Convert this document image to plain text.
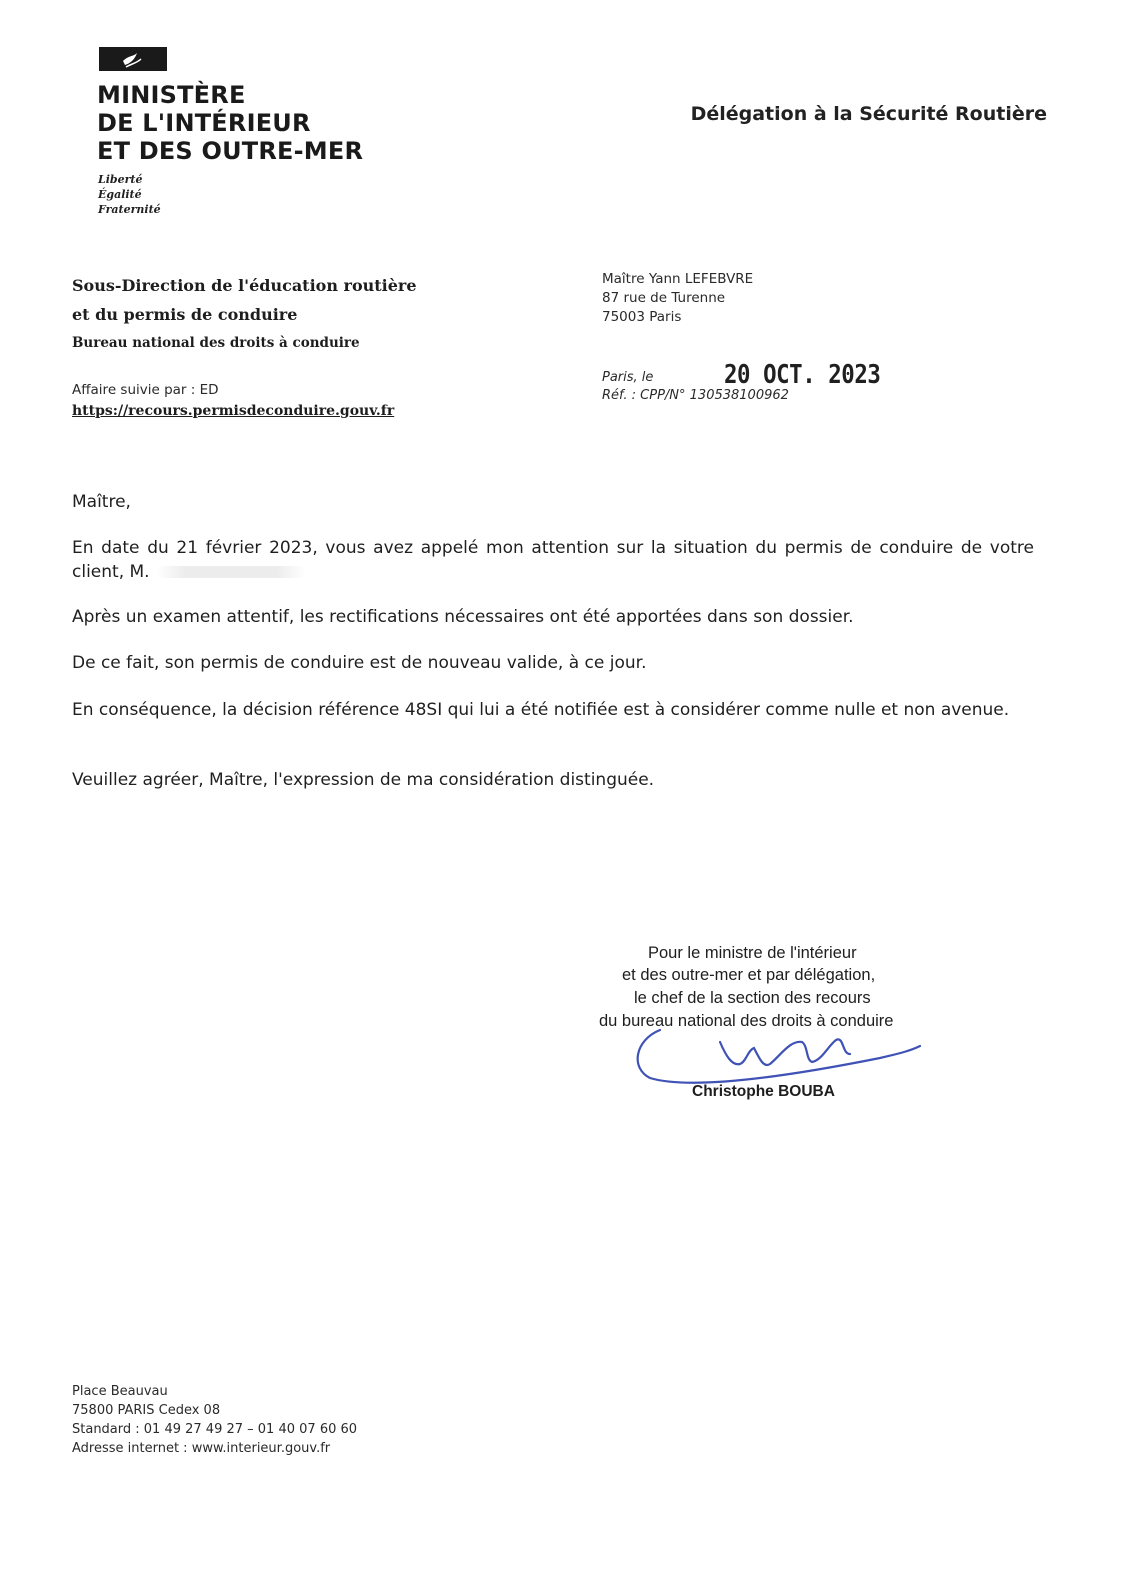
MINISTÈRE
DE L'INTÉRIEUR
ET DES OUTRE-MER
Liberté
Égalité
Fraternité
Délégation à la Sécurité Routière
Sous-Direction de l'éducation routière
et du permis de conduire
Bureau national des droits à conduire
Affaire suivie par : ED
https://recours.permisdeconduire.gouv.fr
Maître Yann LEFEBVRE
87 rue de Turenne
75003 Paris
Paris, le
Réf. : CPP/N° 130538100962
20 OCT. 2023
Maître,
En date du 21 février 2023, vous avez appelé mon attention sur la situation du permis de conduire de votre client, M.
Après un examen attentif, les rectifications nécessaires ont été apportées dans son dossier.
De ce fait, son permis de conduire est de nouveau valide, à ce jour.
En conséquence, la décision référence 48SI qui lui a été notifiée est à considérer comme nulle et non avenue.
Veuillez agréer, Maître, l'expression de ma considération distinguée.
Pour le ministre de l'intérieur
et des outre-mer et par délégation,
le chef de la section des recours
du bureau national des droits à conduire
Christophe BOUBA
Place Beauvau
75800 PARIS Cedex 08
Standard : 01 49 27 49 27 – 01 40 07 60 60
Adresse internet : www.interieur.gouv.fr
